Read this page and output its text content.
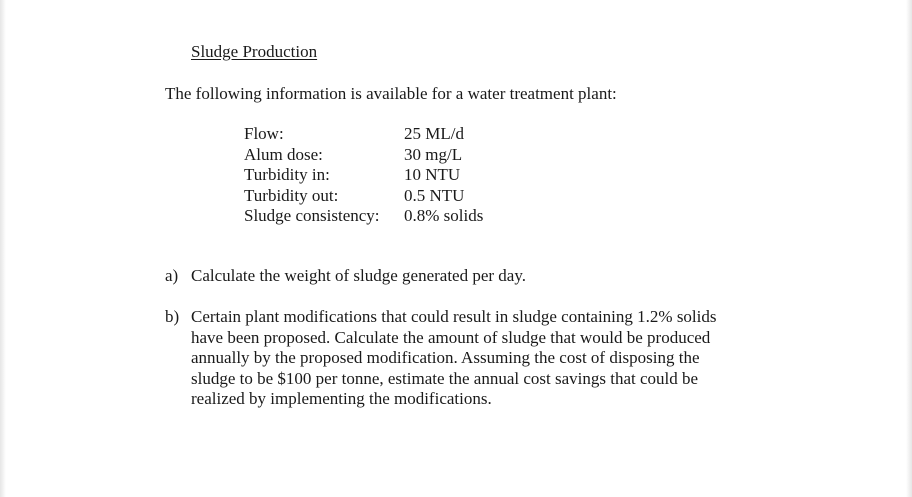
Sludge Production
The following information is available for a water treatment plant:
Flow:	25 ML/d
Alum dose:	30 mg/L
Turbidity in:	10 NTU
Turbidity out:	0.5 NTU
Sludge consistency: 0.8% solids
a) Calculate the weight of sludge generated per day.
b) Certain plant modifications that could result in sludge containing 1.2% solids
have been proposed. Calculate the amount of sludge that would be produced
annually by the proposed modification. Assuming the cost of disposing the
sludge to be $100 per tonne, estimate the annual cost savings that could be
realized by implementing the modifications.
